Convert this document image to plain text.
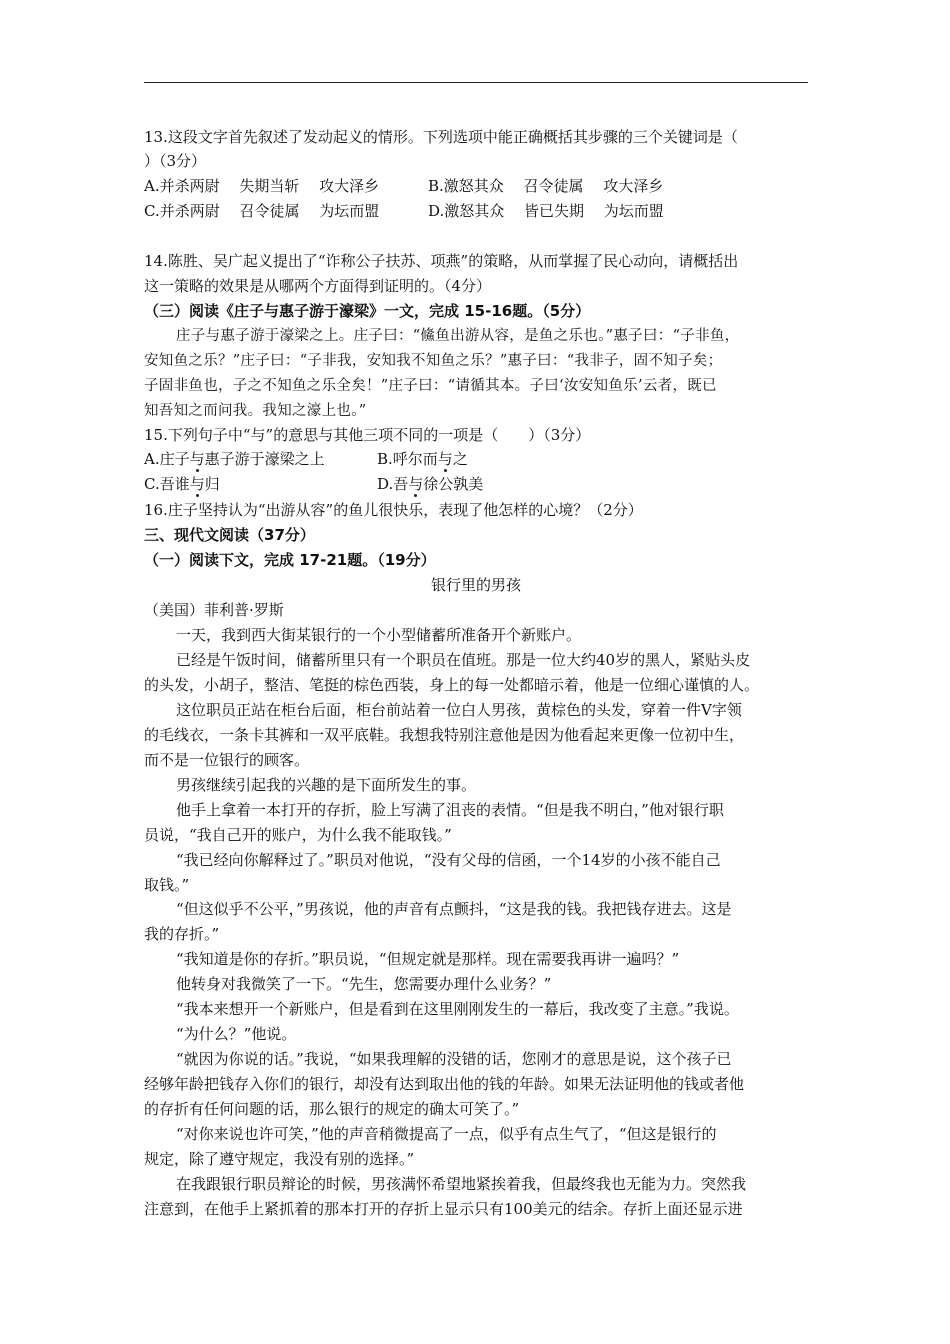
13.这段文字首先叙述了发动起义的情形。下列选项中能正确概括其步骤的三个关键词是（
）（3分）
A.并杀两尉　 失期当斩　 攻大泽乡	B.激怒其众　 召令徒属　 攻大泽乡
C.并杀两尉　 召令徒属　 为坛而盟	D.激怒其众　 皆已失期　 为坛而盟
14.陈胜、吴广起义提出了“诈称公子扶苏、项燕”的策略，从而掌握了民心动向，请概括出
这一策略的效果是从哪两个方面得到证明的。（4分）
（三）阅读《庄子与惠子游于濠梁》一文，完成 15-16题。（5分）
庄子与惠子游于濠梁之上。庄子曰：“鯈鱼出游从容，是鱼之乐也。”惠子曰：“子非鱼，
安知鱼之乐？”庄子曰：“子非我，安知我不知鱼之乐？”惠子曰：“我非子，固不知子矣；
子固非鱼也，子之不知鱼之乐全矣！”庄子曰：“请循其本。子曰‘汝安知鱼乐’云者，既已
知吾知之而问我。我知之濠上也。”
15.下列句子中“与”的意思与其他三项不同的一项是（　　）（3分）
A.庄子与惠子游于濠梁之上	B.呼尔而与之
C.吾谁与归	D.吾与徐公孰美
16.庄子坚持认为“出游从容”的鱼儿很快乐，表现了他怎样的心境？（2分）
三、现代文阅读（37分）
（一）阅读下文，完成 17-21题。（19分）
银行里的男孩
（美国）菲利普·罗斯
一天，我到西大街某银行的一个小型储蓄所准备开个新账户。
已经是午饭时间，储蓄所里只有一个职员在值班。那是一位大约40岁的黑人，紧贴头皮
的头发，小胡子，整洁、笔挺的棕色西装，身上的每一处都暗示着，他是一位细心谨慎的人。
这位职员正站在柜台后面，柜台前站着一位白人男孩，黄棕色的头发，穿着一件V字领
的毛线衣，一条卡其裤和一双平底鞋。我想我特别注意他是因为他看起来更像一位初中生，
而不是一位银行的顾客。
男孩继续引起我的兴趣的是下面所发生的事。
他手上拿着一本打开的存折，脸上写满了沮丧的表情。“但是我不明白，”他对银行职
员说，“我自己开的账户，为什么我不能取钱。”
“我已经向你解释过了。”职员对他说，“没有父母的信函，一个14岁的小孩不能自己
取钱。”
“但这似乎不公平，”男孩说，他的声音有点颤抖，“这是我的钱。我把钱存进去。这是
我的存折。”
“我知道是你的存折。”职员说，“但规定就是那样。现在需要我再讲一遍吗？”
他转身对我微笑了一下。“先生，您需要办理什么业务？”
“我本来想开一个新账户，但是看到在这里刚刚发生的一幕后，我改变了主意。”我说。
“为什么？”他说。
“就因为你说的话。”我说，“如果我理解的没错的话，您刚才的意思是说，这个孩子已
经够年龄把钱存入你们的银行，却没有达到取出他的钱的年龄。如果无法证明他的钱或者他
的存折有任何问题的话，那么银行的规定的确太可笑了。”
“对你来说也许可笑，”他的声音稍微提高了一点，似乎有点生气了，“但这是银行的
规定，除了遵守规定，我没有别的选择。”
在我跟银行职员辩论的时候，男孩满怀希望地紧挨着我，但最终我也无能为力。突然我
注意到，在他手上紧抓着的那本打开的存折上显示只有100美元的结余。存折上面还显示进
